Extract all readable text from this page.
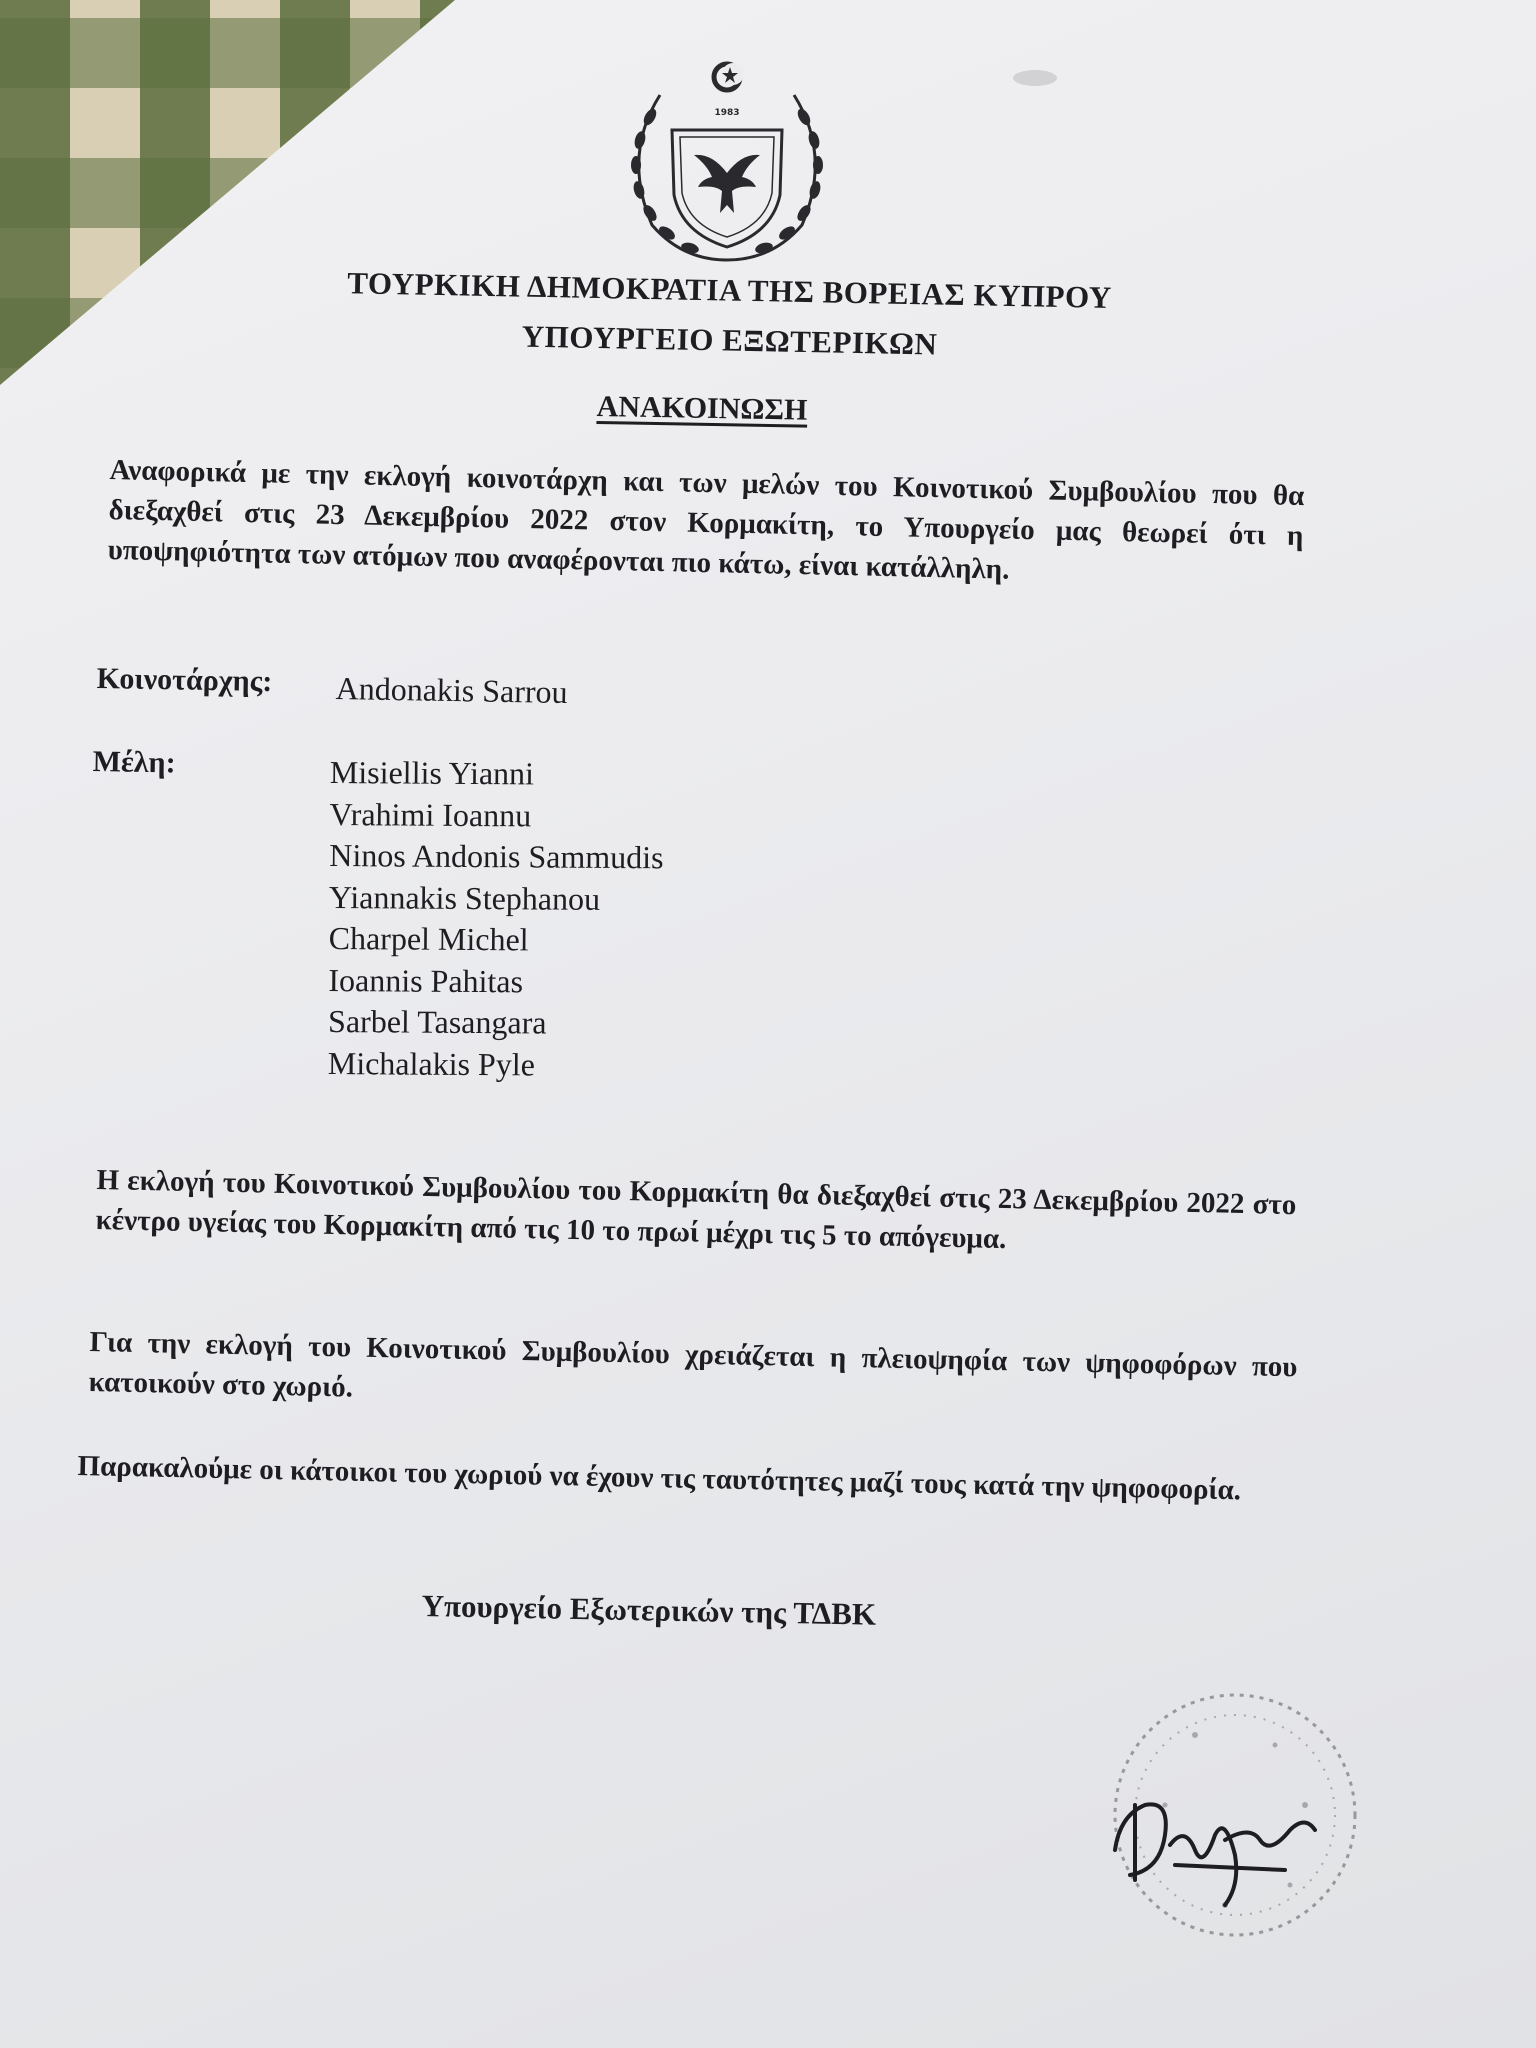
1983
ΤΟΥΡΚΙΚΗ ΔΗΜΟΚΡΑΤΙΑ ΤΗΣ ΒΟΡΕΙΑΣ ΚΥΠΡΟΥ
ΥΠΟΥΡΓΕΙΟ ΕΞΩΤΕΡΙΚΩΝ
ΑΝΑΚΟΙΝΩΣΗ
Αναφορικά με την εκλογή κοινοτάρχη και των μελών του Κοινοτικού Συμβουλίου που θα διεξαχθεί στις 23 Δεκεμβρίου 2022 στον Κορμακίτη, το Υπουργείο μας θεωρεί ότι η υποψηφιότητα των ατόμων που αναφέρονται πιο κάτω, είναι κατάλληλη.
Κοινοτάρχης: Andonakis Sarrou
Μέλη:	Misiellis Yianni
Vrahimi Ioannu
Ninos Andonis Sammudis
Yiannakis Stephanou
Charpel Michel
Ioannis Pahitas
Sarbel Tasangara
Michalakis Pyle
Η εκλογή του Κοινοτικού Συμβουλίου του Κορμακίτη θα διεξαχθεί στις 23 Δεκεμβρίου 2022 στο κέντρο υγείας του Κορμακίτη από τις 10 το πρωί μέχρι τις 5 το απόγευμα.
Για την εκλογή του Κοινοτικού Συμβουλίου χρειάζεται η πλειοψηφία των ψηφοφόρων που κατοικούν στο χωριό.
Παρακαλούμε οι κάτοικοι του χωριού να έχουν τις ταυτότητες μαζί τους κατά την ψηφοφορία.
Υπουργείο Εξωτερικών της ΤΔΒΚ
